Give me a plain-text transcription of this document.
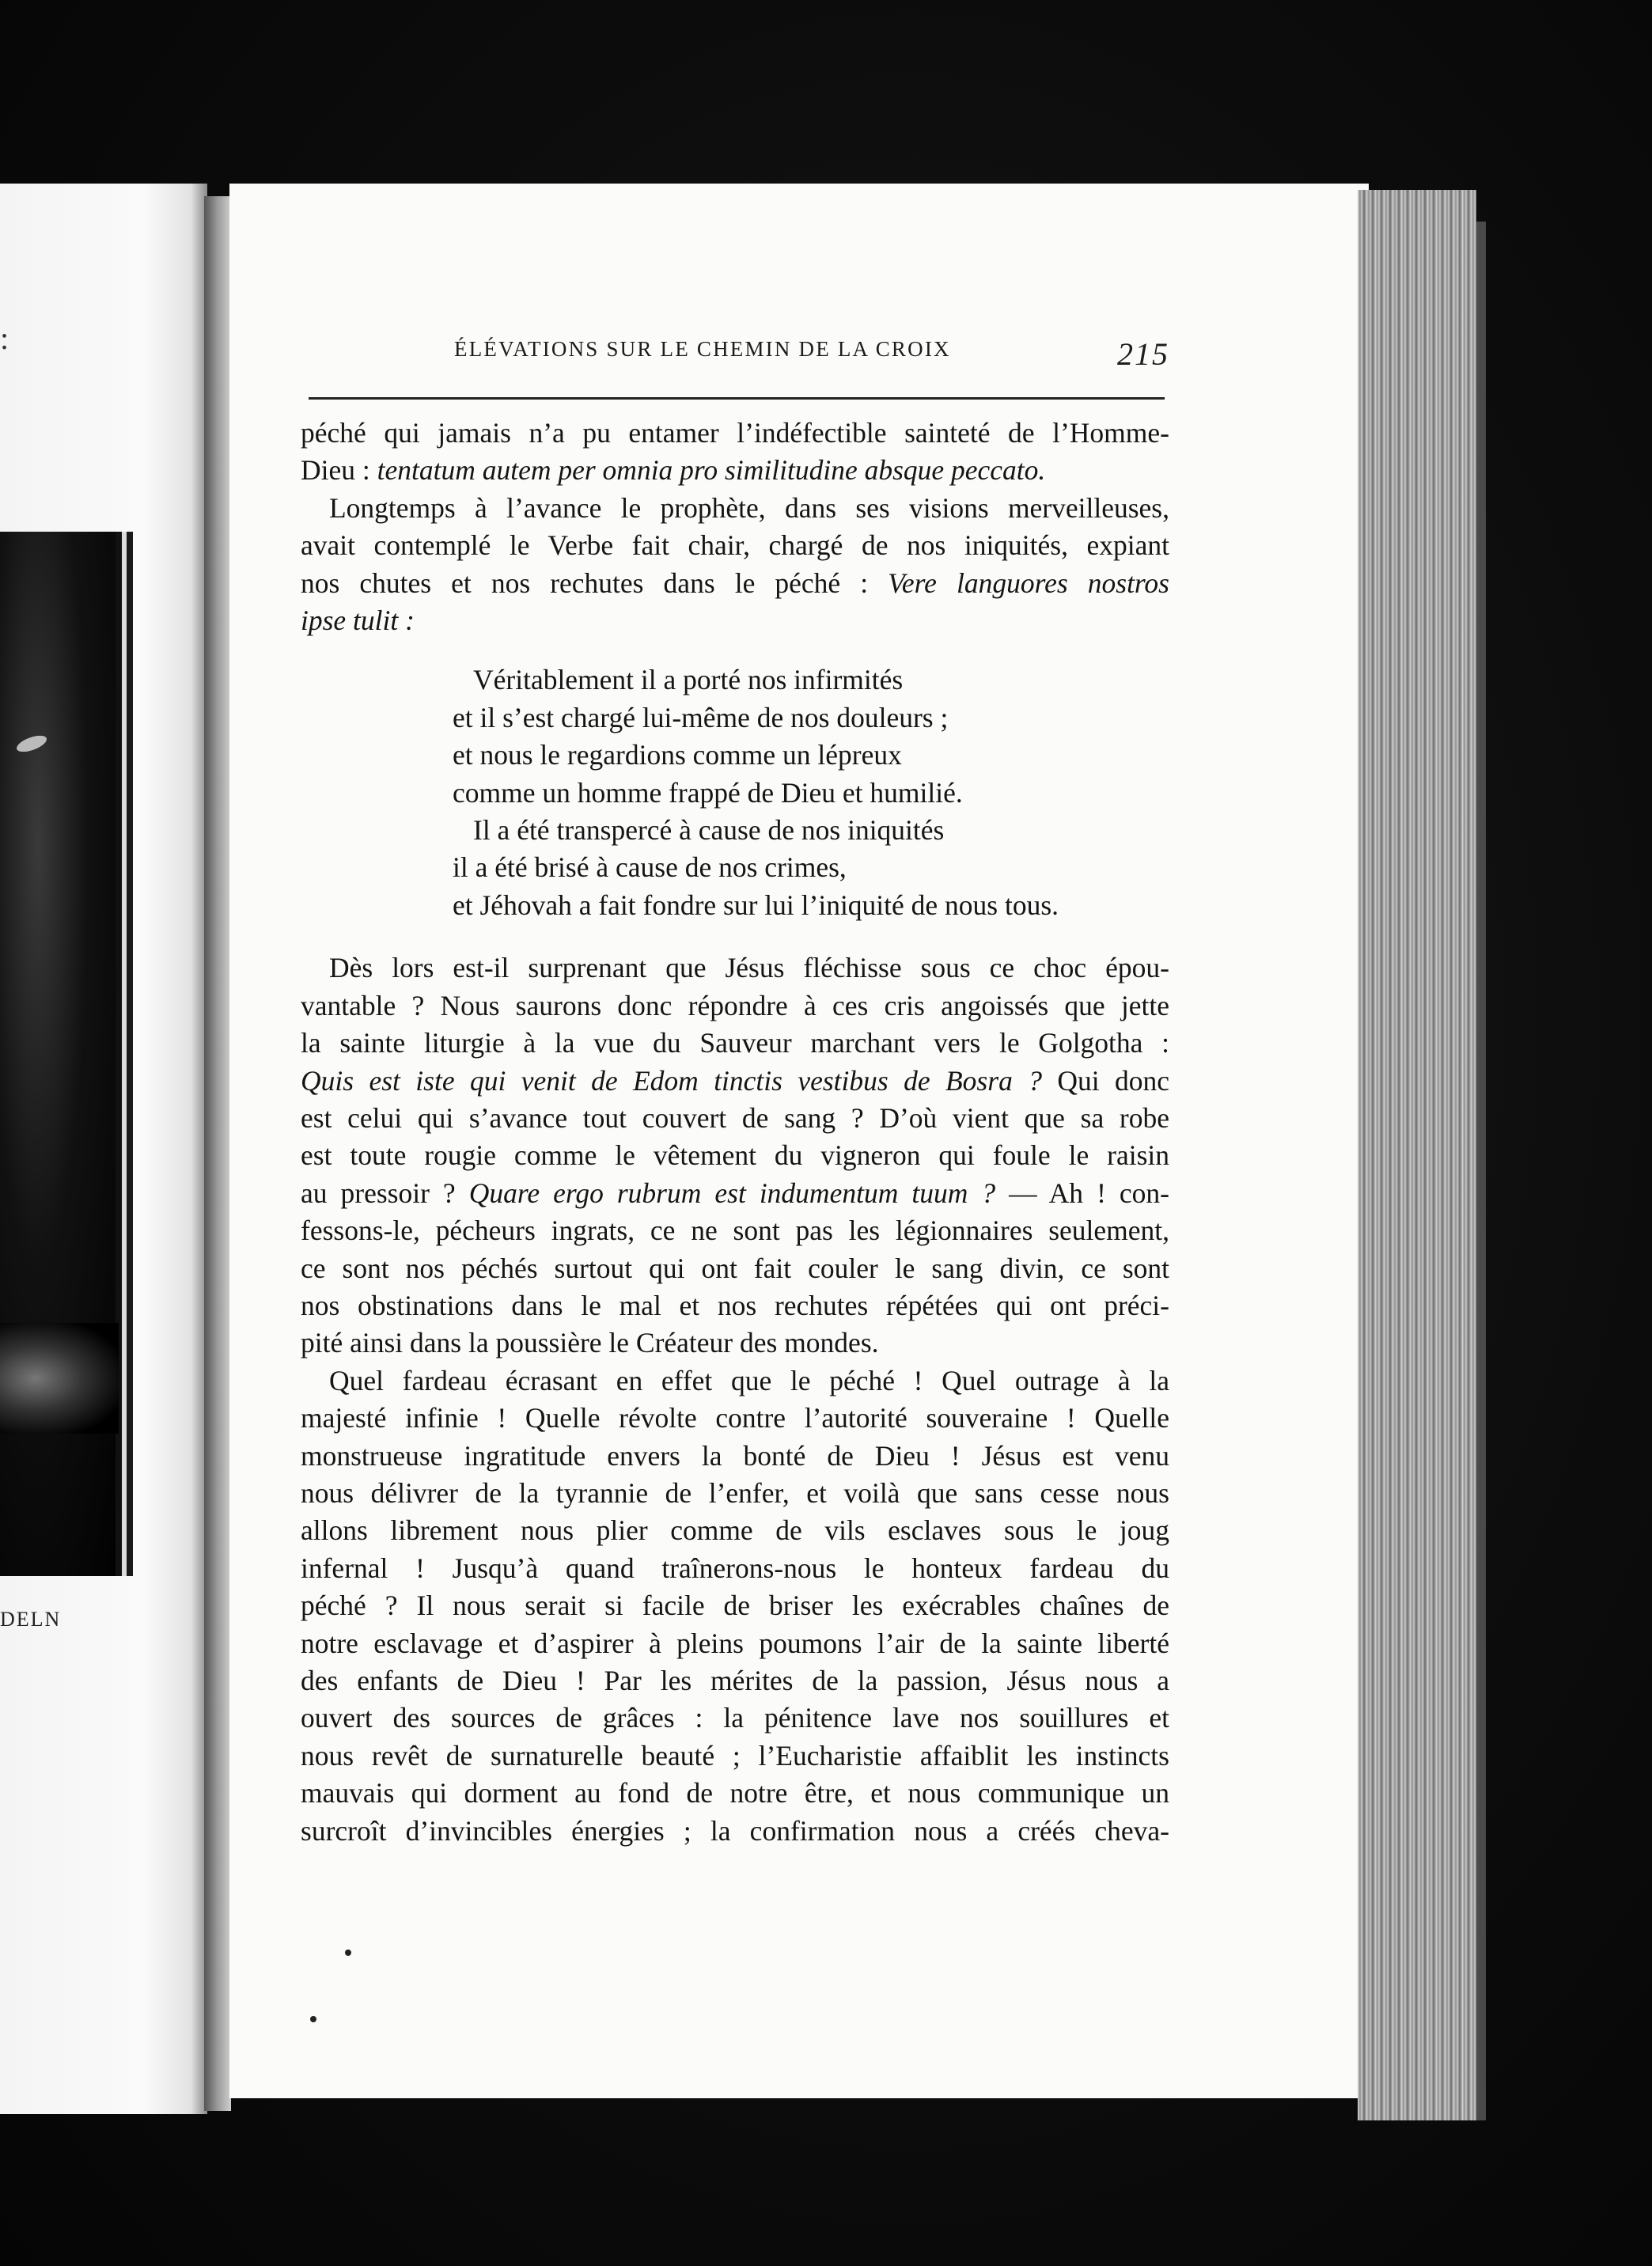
:
DELN
ÉLÉVATIONS SUR LE CHEMIN DE LA CROIX	215
péché qui jamais n’a pu entamer l’indéfectible sainteté de l’Homme-
Dieu : tentatum autem per omnia pro similitudine absque peccato.
Longtemps à l’avance le prophète, dans ses visions merveilleuses,
avait contemplé le Verbe fait chair, chargé de nos iniquités, expiant
nos chutes et nos rechutes dans le péché : Vere languores nostros
ipse tulit :
Véritablement il a porté nos infirmités
et il s’est chargé lui-même de nos douleurs ;
et nous le regardions comme un lépreux
comme un homme frappé de Dieu et humilié.
Il a été transpercé à cause de nos iniquités
il a été brisé à cause de nos crimes,
et Jéhovah a fait fondre sur lui l’iniquité de nous tous.
Dès lors est-il surprenant que Jésus fléchisse sous ce choc épou-
vantable ? Nous saurons donc répondre à ces cris angoissés que jette
la sainte liturgie à la vue du Sauveur marchant vers le Golgotha :
Quis est iste qui venit de Edom tinctis vestibus de Bosra ? Qui donc
est celui qui s’avance tout couvert de sang ? D’où vient que sa robe
est toute rougie comme le vêtement du vigneron qui foule le raisin
au pressoir ? Quare ergo rubrum est indumentum tuum ? — Ah ! con-
fessons-le, pécheurs ingrats, ce ne sont pas les légionnaires seulement,
ce sont nos péchés surtout qui ont fait couler le sang divin, ce sont
nos obstinations dans le mal et nos rechutes répétées qui ont préci-
pité ainsi dans la poussière le Créateur des mondes.
Quel fardeau écrasant en effet que le péché ! Quel outrage à la
majesté infinie ! Quelle révolte contre l’autorité souveraine ! Quelle
monstrueuse ingratitude envers la bonté de Dieu ! Jésus est venu
nous délivrer de la tyrannie de l’enfer, et voilà que sans cesse nous
allons librement nous plier comme de vils esclaves sous le joug
infernal ! Jusqu’à quand traînerons-nous le honteux fardeau du
péché ? Il nous serait si facile de briser les exécrables chaînes de
notre esclavage et d’aspirer à pleins poumons l’air de la sainte liberté
des enfants de Dieu ! Par les mérites de la passion, Jésus nous a
ouvert des sources de grâces : la pénitence lave nos souillures et
nous revêt de surnaturelle beauté ; l’Eucharistie affaiblit les instincts
mauvais qui dorment au fond de notre être, et nous communique un
surcroît d’invincibles énergies ; la confirmation nous a créés cheva-
